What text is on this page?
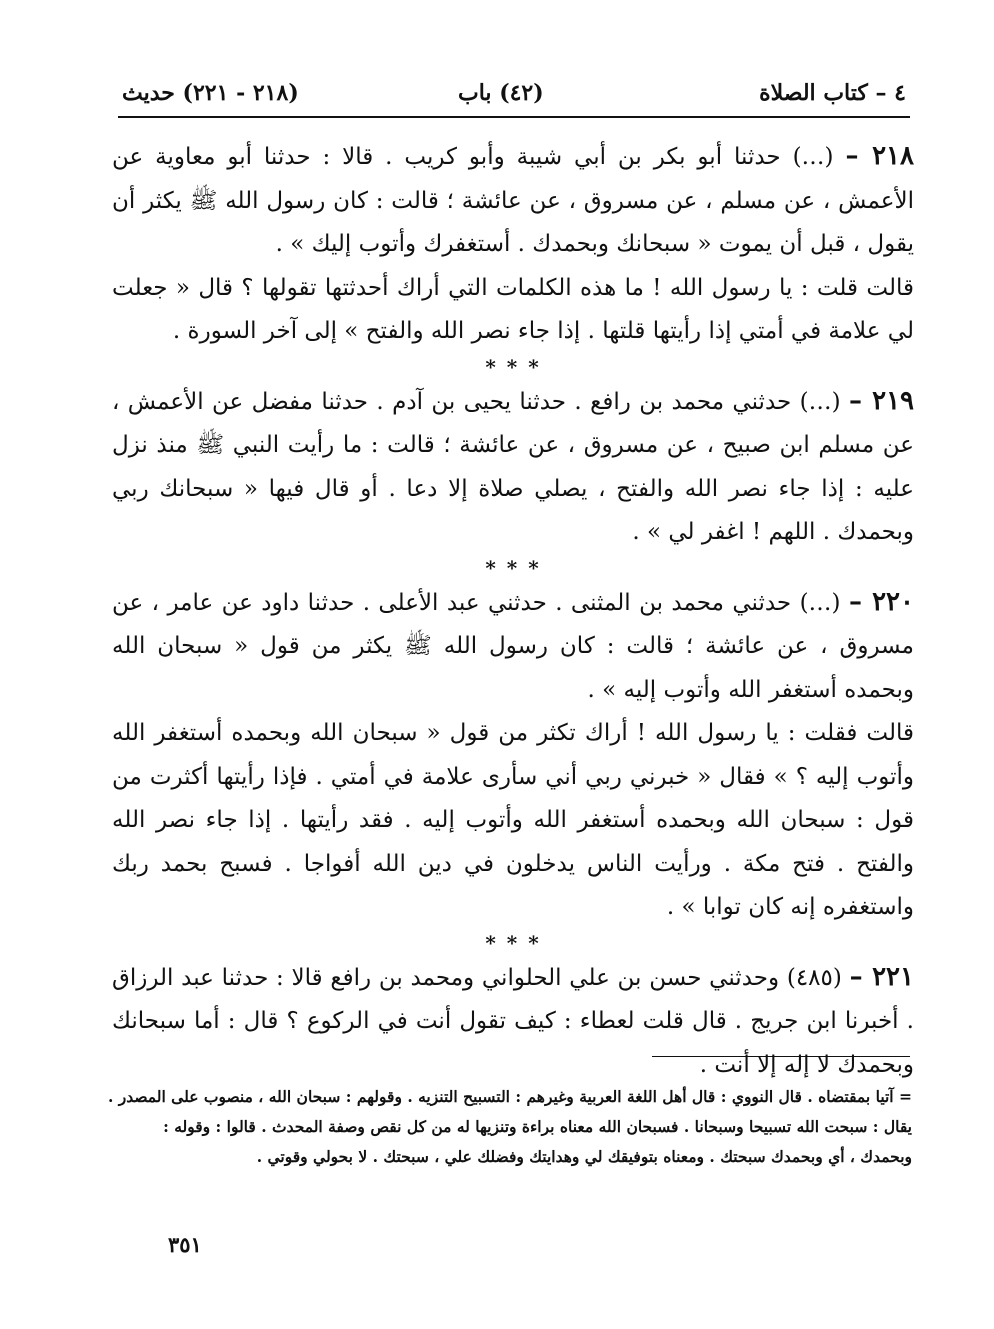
٤ – كتاب الصلاة
(٤٢) باب
(٢١٨ - ٢٢١) حديث

٢١٨ – (…) حدثنا أبو بكر بن أبي شيبة وأبو كريب . قالا : حدثنا أبو معاوية عن الأعمش ، عن مسلم ، عن مسروق ، عن عائشة ؛ قالت : كان رسول الله ﷺ يكثر أن يقول ، قبل أن يموت « سبحانك وبحمدك . أستغفرك وأتوب إليك » .

قالت قلت : يا رسول الله ! ما هذه الكلمات التي أراك أحدثتها تقولها ؟ قال « جعلت لي علامة في أمتي إذا رأيتها قلتها . إذا جاء نصر الله والفتح » إلى آخر السورة .

* * *

٢١٩ – (…) حدثني محمد بن رافع . حدثنا يحيى بن آدم . حدثنا مفضل عن الأعمش ، عن مسلم ابن صبيح ، عن مسروق ، عن عائشة ؛ قالت : ما رأيت النبي ﷺ منذ نزل عليه : إذا جاء نصر الله والفتح ، يصلي صلاة إلا دعا . أو قال فيها « سبحانك ربي وبحمدك . اللهم ! اغفر لي » .

* * *

٢٢٠ – (…) حدثني محمد بن المثنى . حدثني عبد الأعلى . حدثنا داود عن عامر ، عن مسروق ، عن عائشة ؛ قالت : كان رسول الله ﷺ يكثر من قول « سبحان الله وبحمده أستغفر الله وأتوب إليه » .

قالت فقلت : يا رسول الله ! أراك تكثر من قول « سبحان الله وبحمده أستغفر الله وأتوب إليه ؟ » فقال « خبرني ربي أني سأرى علامة في أمتي . فإذا رأيتها أكثرت من قول : سبحان الله وبحمده أستغفر الله وأتوب إليه . فقد رأيتها . إذا جاء نصر الله والفتح . فتح مكة . ورأيت الناس يدخلون في دين الله أفواجا . فسبح بحمد ربك واستغفره إنه كان توابا » .

* * *

٢٢١ – (٤٨٥) وحدثني حسن بن علي الحلواني ومحمد بن رافع قالا : حدثنا عبد الرزاق . أخبرنا ابن جريج . قال قلت لعطاء : كيف تقول أنت في الركوع ؟ قال : أما سبحانك وبحمدك لا إله إلا أنت .

= آتيا بمقتضاه . قال النووي : قال أهل اللغة العربية وغيرهم : التسبيح التنزيه . وقولهم : سبحان الله ، منصوب على المصدر .

يقال : سبحت الله تسبيحا وسبحانا . فسبحان الله معناه براءة وتنزيها له من كل نقص وصفة المحدث . قالوا : وقوله :

وبحمدك ، أي وبحمدك سبحتك . ومعناه بتوفيقك لي وهدايتك وفضلك علي ، سبحتك . لا بحولي وقوتي .

٣٥١
